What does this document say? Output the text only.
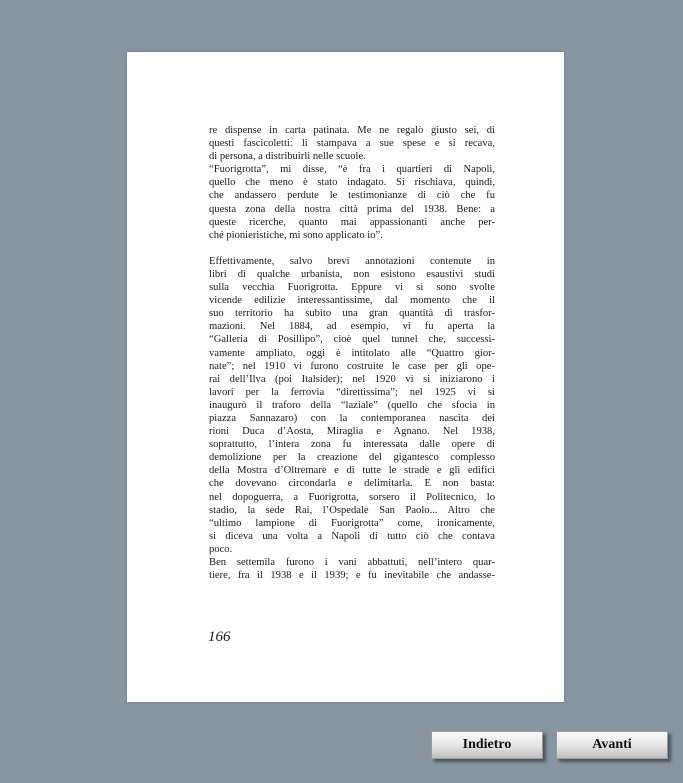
re dispense in carta patinata. Me ne regalò giusto sei, di
questi fascicoletti: li stampava a sue spese e si recava,
di persona, a distribuirli nelle scuole.
“Fuorigrotta”, mi disse, “è fra i quartieri di Napoli,
quello che meno è stato indagato. Si rischiava, quindi,
che andassero perdute le testimonianze di ciò che fu
questa zona della nostra città prima del 1938. Bene: a
queste ricerche, quanto mai appassionanti anche per-
ché pionieristiche, mi sono applicato io”.
Effettivamente, salvo brevi annotazioni contenute in
libri di qualche urbanista, non esistono esaustivi studi
sulla vecchia Fuorigrotta. Eppure vi si sono svolte
vicende edilizie interessantissime, dal momento che il
suo territorio ha subito una gran quantità di trasfor-
mazioni. Nel 1884, ad esempio, vi fu aperta la
“Galleria di Posillipo”, cioè quel tunnel che, successi-
vamente ampliato, oggi è intitolato alle “Quattro gior-
nate”; nel 1910 vi furono costruite le case per gli ope-
rai dell’Ilva (poi Italsider); nel 1920 vi si iniziarono i
lavori per la ferrovia “direttissima”; nel 1925 vi si
inaugurò il traforo della “laziale” (quello che sfocia in
piazza Sannazaro) con la contemporanea nascita dei
rioni Duca d’Aosta, Miraglia e Agnano. Nel 1938,
soprattutto, l’intera zona fu interessata dalle opere di
demolizione per la creazione del gigantesco complesso
della Mostra d’Oltremare e di tutte le strade e gli edifici
che dovevano circondarla e delimitarla. E non basta:
nel dopoguerra, a Fuorigrotta, sorsero il Politecnico, lo
stadio, la sede Rai, l’Ospedale San Paolo... Altro che
“ultimo lampione di Fuorigrotta” come, ironicamente,
si diceva una volta a Napoli di tutto ciò che contava
poco.
Ben settemila furono i vani abbattuti, nell’intero quar-
tiere, fra il 1938 e il 1939; e fu inevitabile che andasse-
166
Indietro	Avanti
